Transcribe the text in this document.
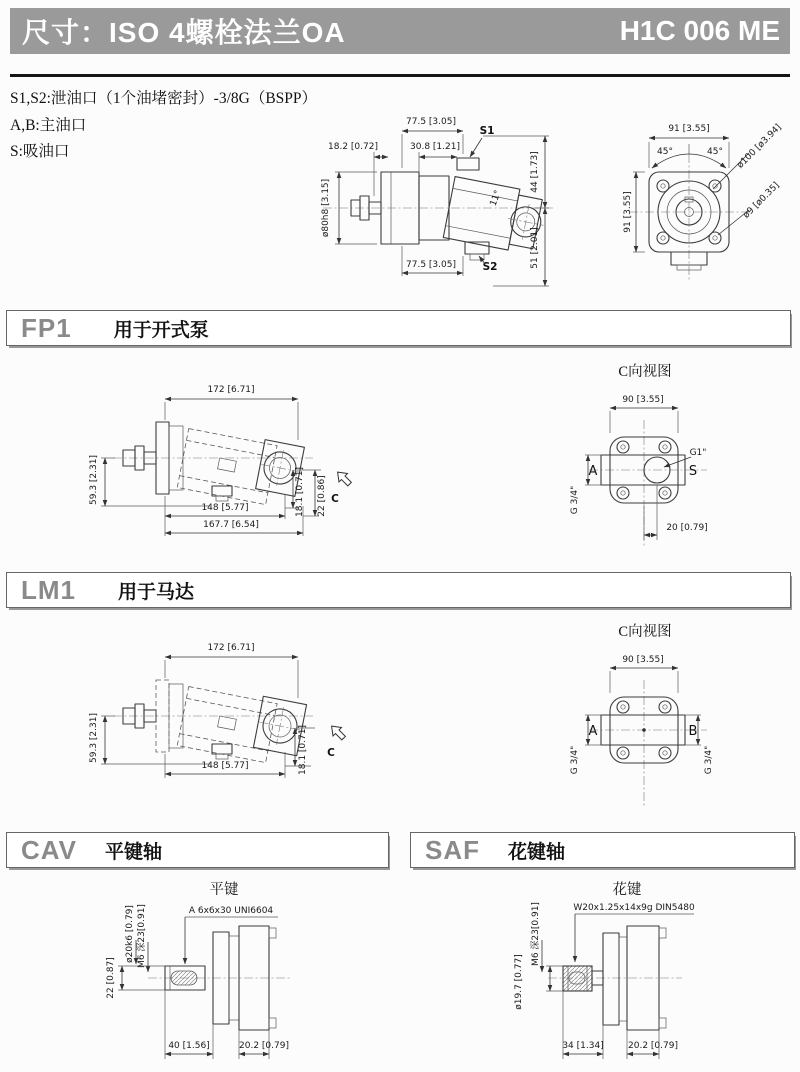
尺寸：ISO 4螺栓法兰OA	H1C 006 ME
S1,S2:泄油口（1个油堵密封）-3/8G（BSPP）
A,B:主油口
S:吸油口
11°
77.5 [3.05]
S1
18.2 [0.72]	30.8 [1.21]
ø80h8 [3.15]
44 [1.73]
51 [2.01]
77.5 [3.05]	S2
91 [3.55]
45°	45° ø100 [ø3.94]
91 [3.55]	ø9 [ø0.35]
FP1 用于开式泵
172 [6.71]
59.3 [2.31]
148 [5.77]
167.7 [6.54]
18.1 [0.71] 22 [0.86] C
C向视图
90 [3.55]
G1"
A	S
G 3/4"
20 [0.79]
LM1 用于马达
172 [6.71]
59.3 [2.31]
148 [5.77]	18.1 [0.71] C
C向视图
90 [3.55]
A	B
G 3/4"	G 3/4"
CAV 平键轴	SAF 花键轴
平键
A 6x6x30 UNI6604
ø20k6 [0.79] M6 深23[0.91]
22 [0.87]
40 [1.56]	20.2 [0.79]
花键
W20x1.25x14x9g DIN5480
M6 深23[0.91]
ø19.7 [0.77]
34 [1.34]	20.2 [0.79]
